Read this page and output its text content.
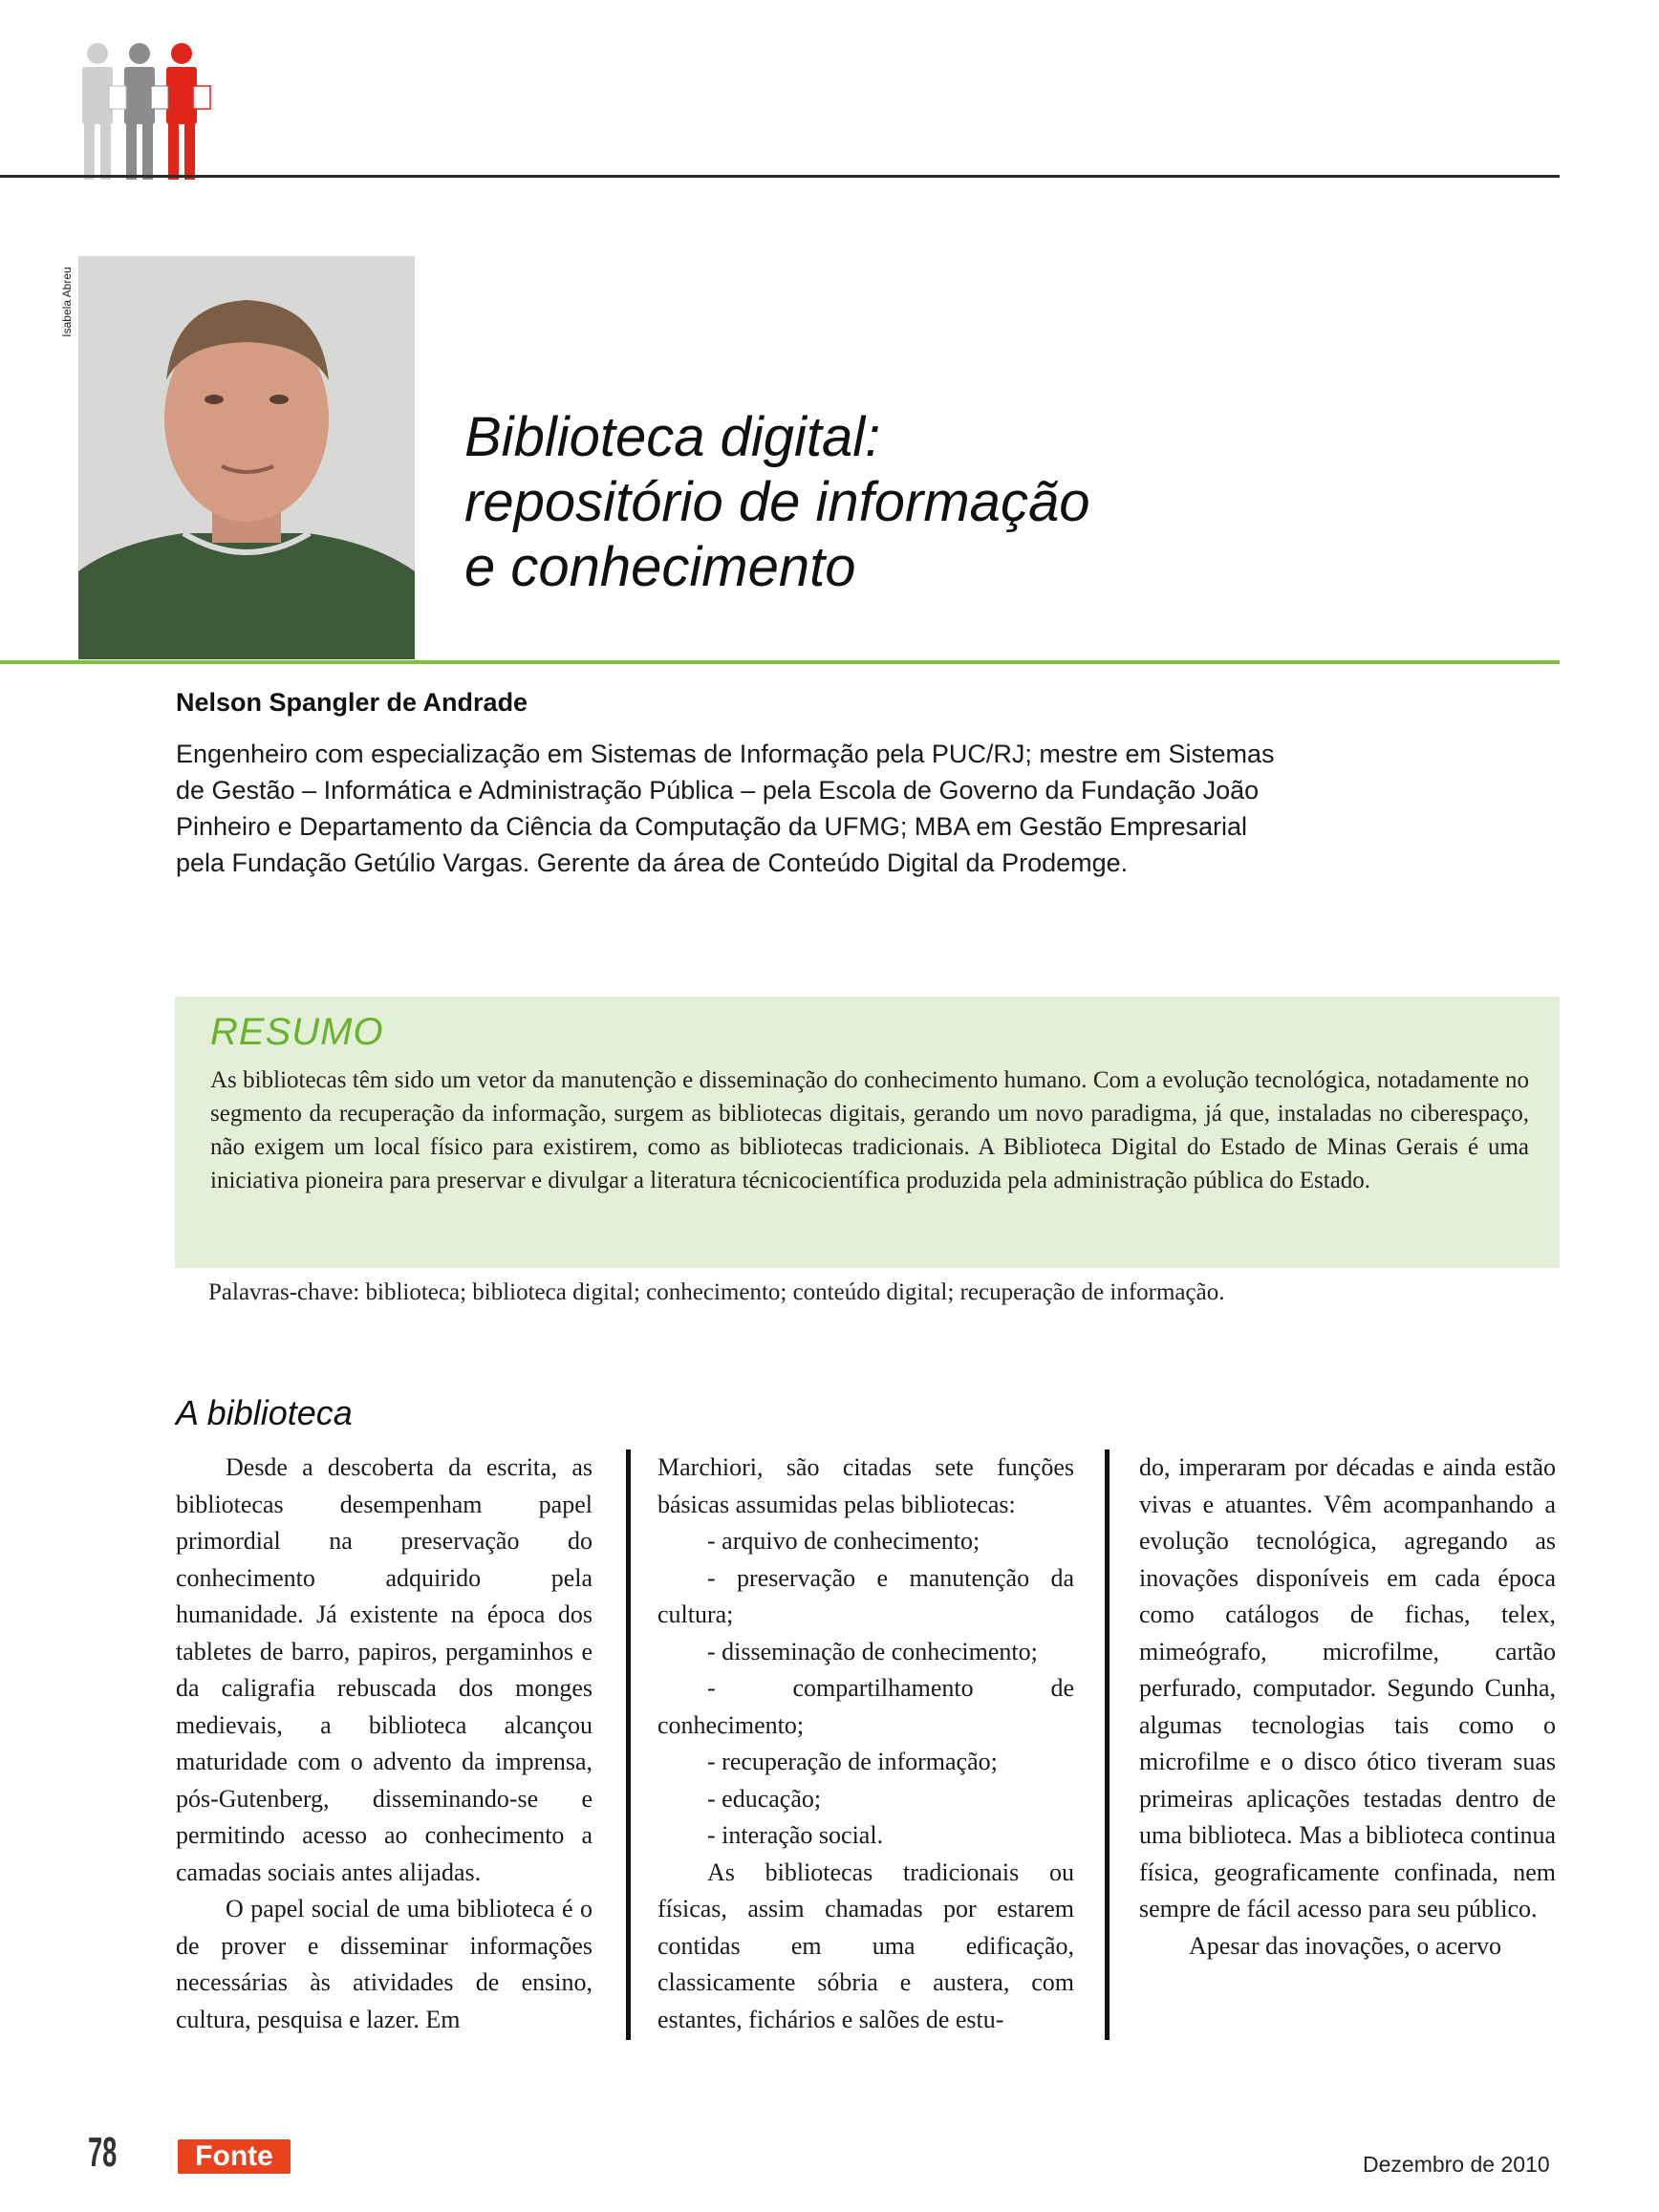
Isabela Abreu
Biblioteca digital:
repositório de informação
e conhecimento
Nelson Spangler de Andrade
Engenheiro com especialização em Sistemas de Informação pela PUC/RJ; mestre em Sistemas
de Gestão – Informática e Administração Pública – pela Escola de Governo da Fundação João
Pinheiro e Departamento da Ciência da Computação da UFMG; MBA em Gestão Empresarial
pela Fundação Getúlio Vargas. Gerente da área de Conteúdo Digital da Prodemge.
RESUMO
As bibliotecas têm sido um vetor da manutenção e disseminação do conhecimento humano. Com a evolução tecnológica, notadamente no segmento da recuperação da informação, surgem as bibliotecas digitais, gerando um novo paradigma, já que, instaladas no ciberespaço, não exigem um local físico para existirem, como as bibliotecas tradicionais. A Biblioteca Digital do Estado de Minas Gerais é uma iniciativa pioneira para preservar e divulgar a literatura técnicocientífica produzida pela administração pública do Estado.
Palavras-chave: biblioteca; biblioteca digital; conhecimento; conteúdo digital; recuperação de informação.
A biblioteca

Desde a descoberta da escrita, as bibliotecas desempenham papel primordial na preservação do conhecimento adquirido pela humanidade. Já existente na época dos tabletes de barro, papiros, pergaminhos e da caligrafia rebuscada dos monges medievais, a biblioteca alcançou maturidade com o advento da imprensa, pós-Gutenberg, disseminando-se e permitindo acesso ao conhecimento a camadas sociais antes alijadas.

O papel social de uma biblioteca é o de prover e disseminar informações necessárias às atividades de ensino, cultura, pesquisa e lazer. Em

Marchiori, são citadas sete funções básicas assumidas pelas bibliotecas:

- arquivo de conhecimento;

- preservação e manutenção da cultura;

- disseminação de conhecimento;

- compartilhamento de conhecimento;

- recuperação de informação;

- educação;

- interação social.

As bibliotecas tradicionais ou físicas, assim chamadas por estarem contidas em uma edificação, classicamente sóbria e austera, com estantes, fichários e salões de estu-

do, imperaram por décadas e ainda estão vivas e atuantes. Vêm acompanhando a evolução tecnológica, agregando as inovações disponíveis em cada época como catálogos de fichas, telex, mimeógrafo, microfilme, cartão perfurado, computador. Segundo Cunha, algumas tecnologias tais como o microfilme e o disco ótico tiveram suas primeiras aplicações testadas dentro de uma biblioteca. Mas a biblioteca continua física, geograficamente confinada, nem sempre de fácil acesso para seu público.

Apesar das inovações, o acervo

78	Fonte	Dezembro de 2010
